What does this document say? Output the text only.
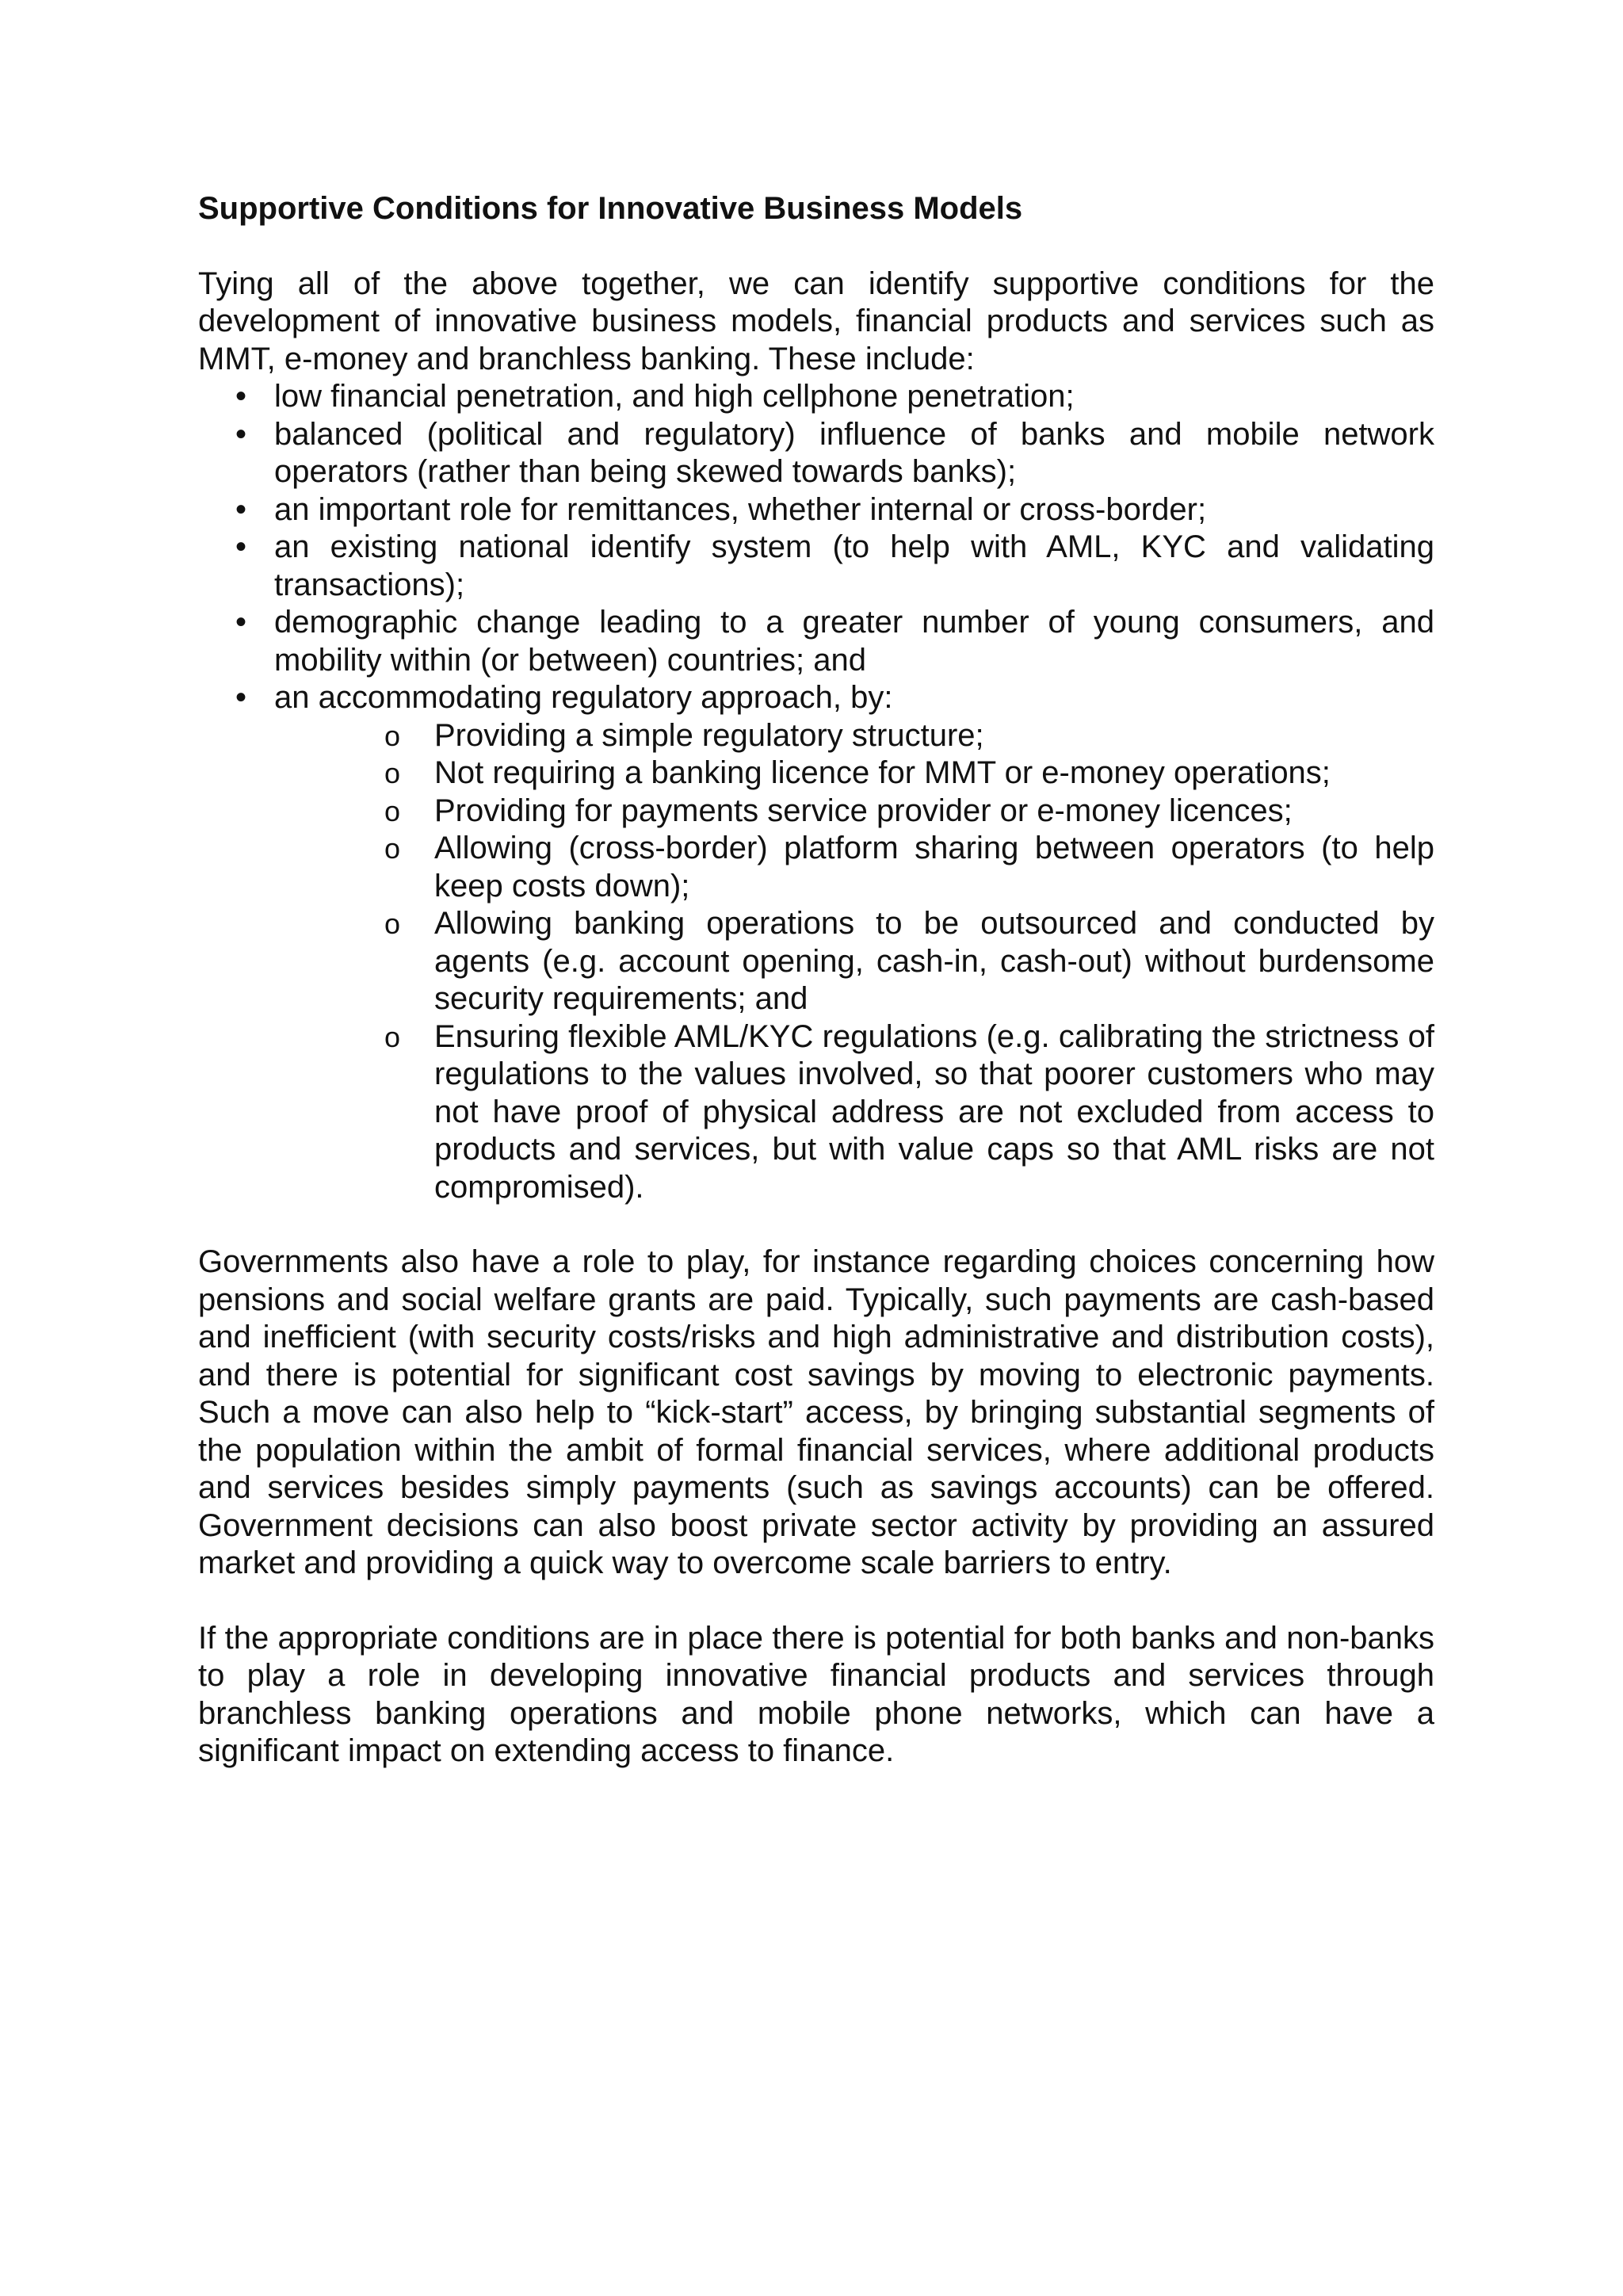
Supportive Conditions for Innovative Business Models

Tying all of the above together, we can identify supportive conditions for the development of innovative business models, financial products and services such as MMT, e-money and branchless banking. These include:

• low financial penetration, and high cellphone penetration;
• balanced (political and regulatory) influence of banks and mobile network operators (rather than being skewed towards banks);
• an important role for remittances, whether internal or cross-border;
• an existing national identify system (to help with AML, KYC and validating transactions);
• demographic change leading to a greater number of young consumers, and mobility within (or between) countries; and
• an accommodating regulatory approach, by:
o Providing a simple regulatory structure;
o Not requiring a banking licence for MMT or e-money operations;
o Providing for payments service provider or e-money licences;
o Allowing (cross-border) platform sharing between operators (to help keep costs down);
o Allowing banking operations to be outsourced and conducted by agents (e.g. account opening, cash-in, cash-out) without burdensome security requirements; and
o Ensuring flexible AML/KYC regulations (e.g. calibrating the strictness of regulations to the values involved, so that poorer customers who may not have proof of physical address are not excluded from access to products and services, but with value caps so that AML risks are not compromised).

Governments also have a role to play, for instance regarding choices concerning how pensions and social welfare grants are paid. Typically, such payments are cash-based and inefficient (with security costs/risks and high administrative and distribution costs), and there is potential for significant cost savings by moving to electronic payments. Such a move can also help to “kick-start” access, by bringing substantial segments of the population within the ambit of formal financial services, where additional products and services besides simply payments (such as savings accounts) can be offered. Government decisions can also boost private sector activity by providing an assured market and providing a quick way to overcome scale barriers to entry.

If the appropriate conditions are in place there is potential for both banks and non-banks to play a role in developing innovative financial products and services through branchless banking operations and mobile phone networks, which can have a significant impact on extending access to finance.
